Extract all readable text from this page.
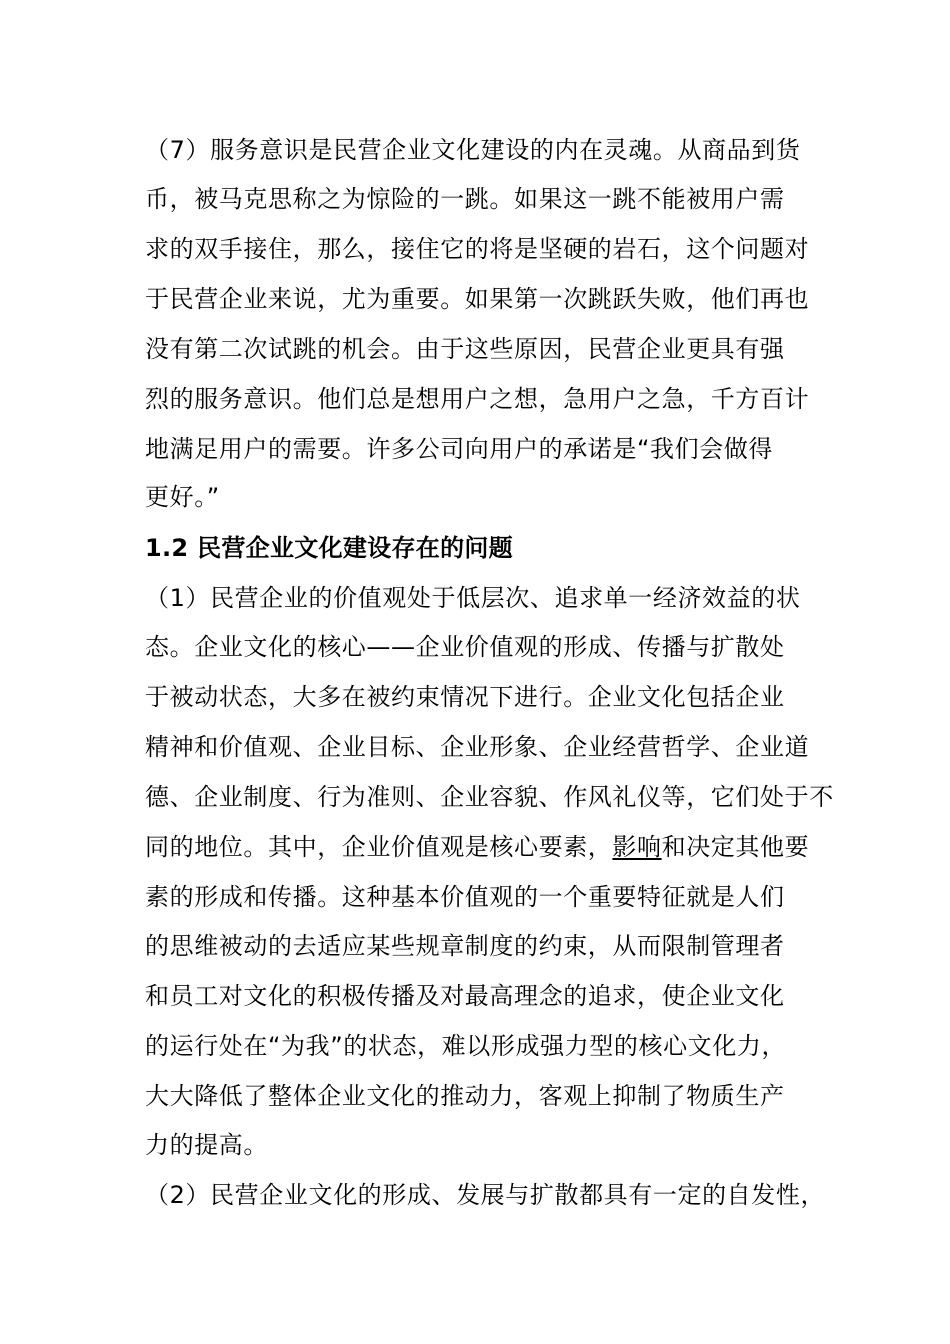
（7）服务意识是民营企业文化建设的内在灵魂。从商品到货
币，被马克思称之为惊险的一跳。如果这一跳不能被用户需
求的双手接住，那么，接住它的将是坚硬的岩石，这个问题对
于民营企业来说，尤为重要。如果第一次跳跃失败，他们再也
没有第二次试跳的机会。由于这些原因，民营企业更具有强
烈的服务意识。他们总是想用户之想，急用户之急，千方百计
地满足用户的需要。许多公司向用户的承诺是“我们会做得
更好。”
1.2 民营企业文化建设存在的问题
（1）民营企业的价值观处于低层次、追求单一经济效益的状
态。企业文化的核心——企业价值观的形成、传播与扩散处
于被动状态，大多在被约束情况下进行。企业文化包括企业
精神和价值观、企业目标、企业形象、企业经营哲学、企业道
德、企业制度、行为准则、企业容貌、作风礼仪等，它们处于不
同的地位。其中，企业价值观是核心要素，影响和决定其他要
素的形成和传播。这种基本价值观的一个重要特征就是人们
的思维被动的去适应某些规章制度的约束，从而限制管理者
和员工对文化的积极传播及对最高理念的追求，使企业文化
的运行处在“为我”的状态，难以形成强力型的核心文化力，
大大降低了整体企业文化的推动力，客观上抑制了物质生产
力的提高。
（2）民营企业文化的形成、发展与扩散都具有一定的自发性，
